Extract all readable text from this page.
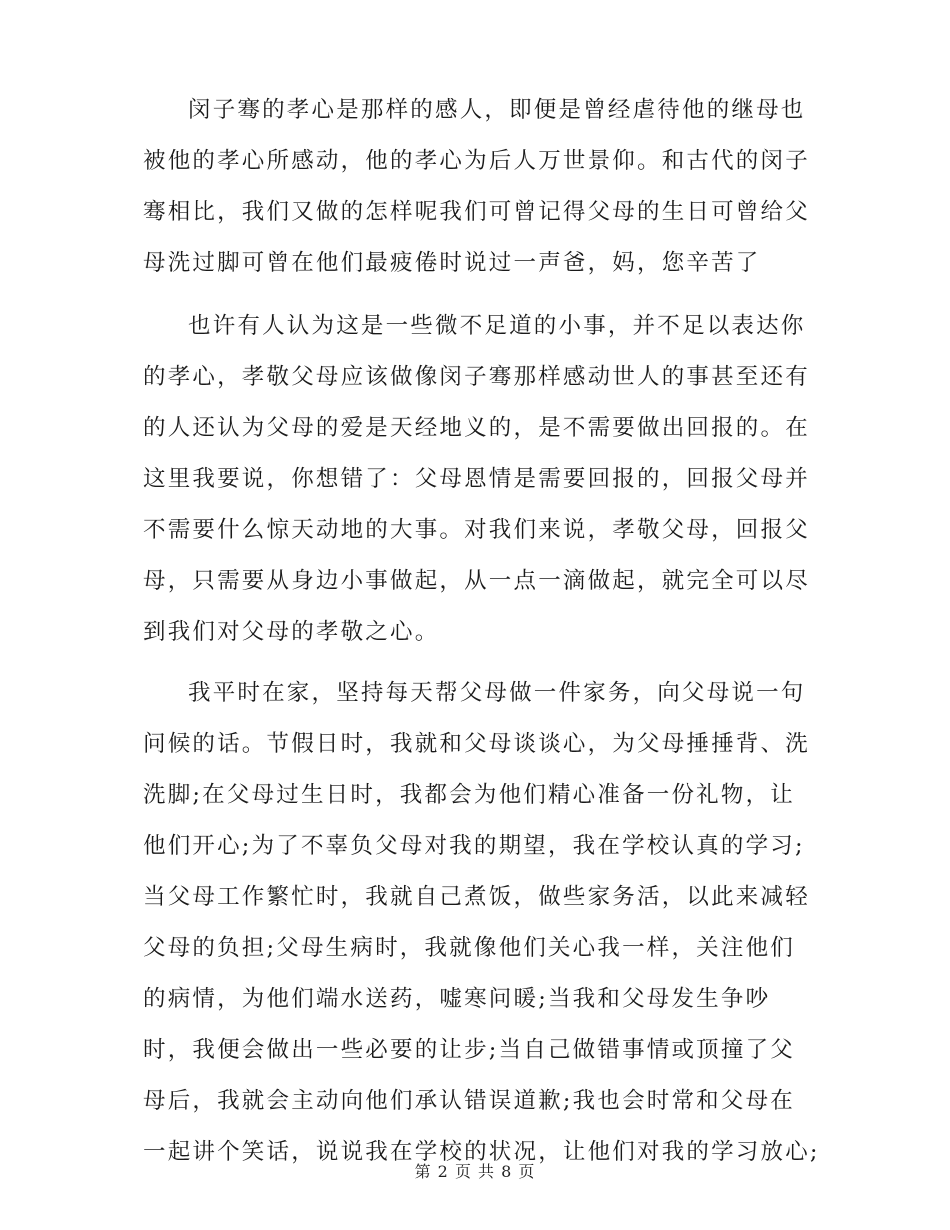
闵子骞的孝心是那样的感人，即便是曾经虐待他的继母也

被他的孝心所感动，他的孝心为后人万世景仰。和古代的闵子

骞相比，我们又做的怎样呢我们可曾记得父母的生日可曾给父

母洗过脚可曾在他们最疲倦时说过一声爸，妈，您辛苦了

也许有人认为这是一些微不足道的小事，并不足以表达你

的孝心，孝敬父母应该做像闵子骞那样感动世人的事甚至还有

的人还认为父母的爱是天经地义的，是不需要做出回报的。在

这里我要说，你想错了：父母恩情是需要回报的，回报父母并

不需要什么惊天动地的大事。对我们来说，孝敬父母，回报父

母，只需要从身边小事做起，从一点一滴做起，就完全可以尽

到我们对父母的孝敬之心。

我平时在家，坚持每天帮父母做一件家务，向父母说一句

问候的话。节假日时，我就和父母谈谈心，为父母捶捶背、洗

洗脚;在父母过生日时，我都会为他们精心准备一份礼物，让

他们开心;为了不辜负父母对我的期望，我在学校认真的学习;

当父母工作繁忙时，我就自己煮饭，做些家务活，以此来减轻

父母的负担;父母生病时，我就像他们关心我一样，关注他们

的病情，为他们端水送药，嘘寒问暖;当我和父母发生争吵

时，我便会做出一些必要的让步;当自己做错事情或顶撞了父

母后，我就会主动向他们承认错误道歉;我也会时常和父母在

一起讲个笑话，说说我在学校的状况，让他们对我的学习放心;

第 2 页 共 8 页
